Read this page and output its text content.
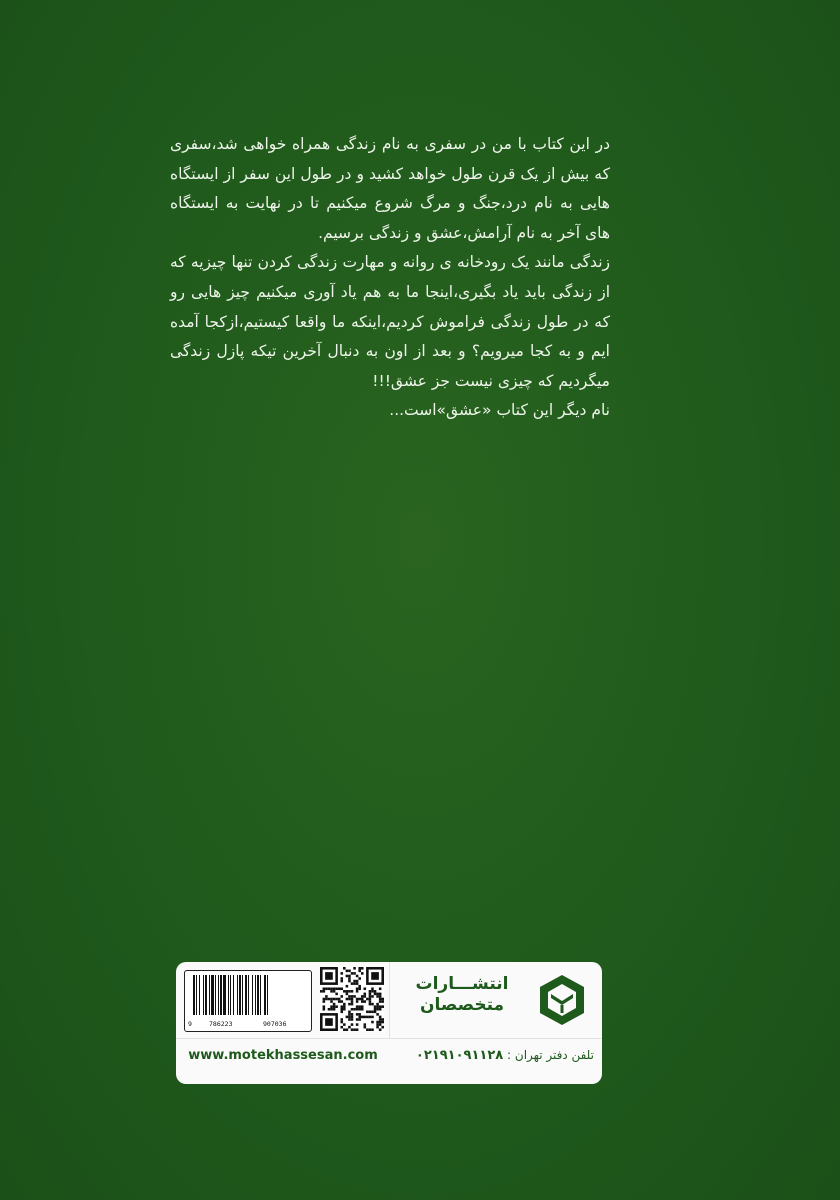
در این کتاب با من در سفری به نام زندگی همراه خواهی شد،سفری که بیش از یک قرن طول خواهد کشید و در طول این سفر از ایستگاه هایی به نام درد،جنگ و مرگ شروع میکنیم تا در نهایت به ایستگاه های آخر به نام آرامش،عشق و زندگی برسیم.

زندگی مانند یک رودخانه ی روانه و مهارت زندگی کردن تنها چیزیه که از زندگی باید یاد بگیری،اینجا ما به هم یاد آوری میکنیم چیز هایی رو که در طول زندگی فراموش کردیم،اینکه ما واقعا کیستیم،ازکجا آمده ایم و به کجا میرویم؟ و بعد از اون به دنبال آخرین تیکه پازل زندگی میگردیم که چیزی نیست جز عشق!!!

نام دیگر این کتاب «عشق»است...

9	786223	907036
انتشـــارات
متخصصان
www.motekhassesan.com	تلفن دفتر تهران : ۰۲۱۹۱۰۹۱۱۲۸
